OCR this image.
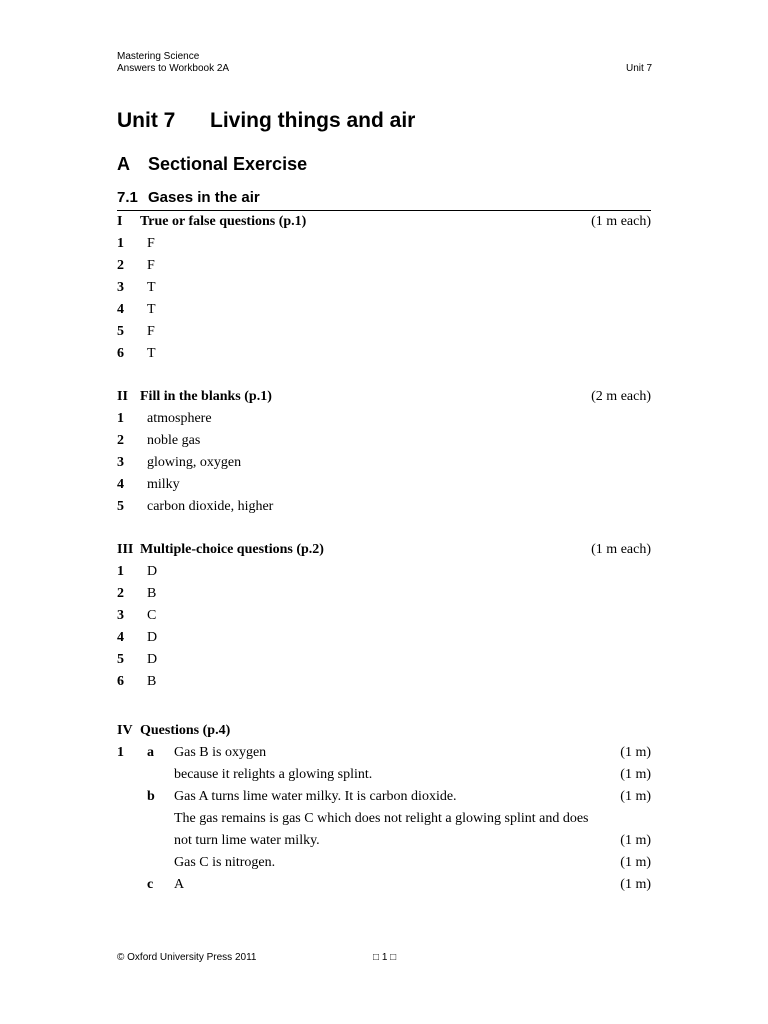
Mastering Science
Answers to Workbook 2A	Unit 7
Unit 7 Living things and air
A Sectional Exercise
7.1 Gases in the air
I True or false questions (p.1)	(1 m each)
1 F
2 F
3 T
4 T
5 F
6 T
II Fill in the blanks (p.1)	(2 m each)
1 atmosphere
2 noble gas
3 glowing, oxygen
4 milky
5 carbon dioxide, higher
III Multiple-choice questions (p.2)	(1 m each)
1 D
2 B
3 C
4 D
5 D
6 B
IV Questions (p.4)
1 a Gas B is oxygen	(1 m)
because it relights a glowing splint.	(1 m)
b Gas A turns lime water milky. It is carbon dioxide.	(1 m)
The gas remains is gas C which does not relight a glowing splint and does
not turn lime water milky.	(1 m)
Gas C is nitrogen.	(1 m)
c A	(1 m)
© Oxford University Press 2011	□ 1 □
